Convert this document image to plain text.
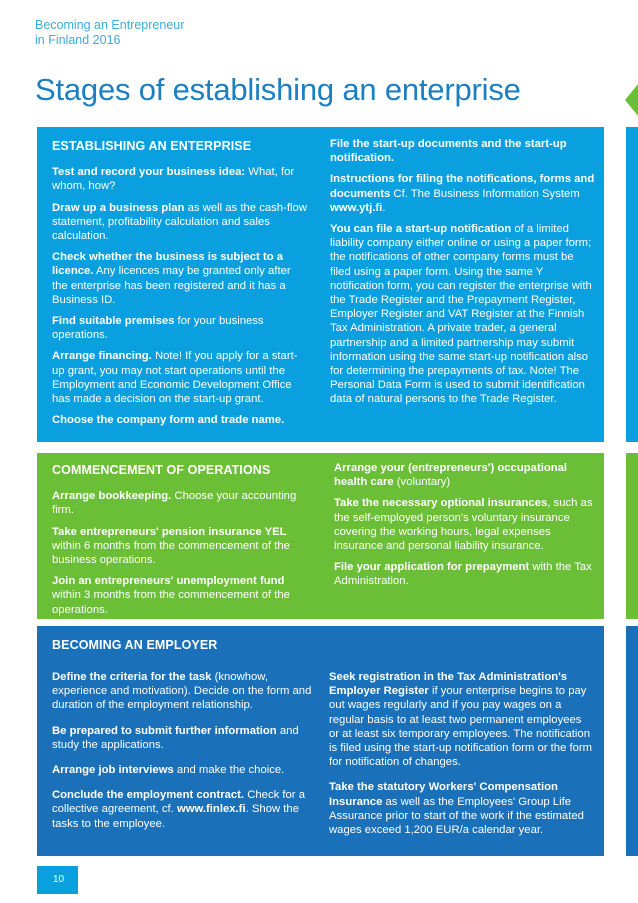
Becoming an Entrepreneur
in Finland 2016
Stages of establishing an enterprise
ESTABLISHING AN ENTERPRISE

Test and record your business idea: What, for whom, how?

Draw up a business plan as well as the cash-flow statement, profitability calculation and sales calculation.

Check whether the business is subject to a licence. Any licences may be granted only after the enterprise has been registered and it has a Business ID.

Find suitable premises for your business operations.

Arrange financing. Note! If you apply for a start-up grant, you may not start operations until the Employment and Economic Development Office has made a decision on the start-up grant.

Choose the company form and trade name.

File the start-up documents and the start-up notification.

Instructions for filing the notifications, forms and documents Cf. The Business Information System www.ytj.fi.

You can file a start-up notification of a limited liability company either online or using a paper form; the notifications of other company forms must be filed using a paper form. Using the same Y notification form, you can register the enterprise with the Trade Register and the Prepayment Register, Employer Register and VAT Register at the Finnish Tax Administration. A private trader, a general partnership and a limited partnership may submit information using the same start-up notification also for determining the prepayments of tax. Note! The Personal Data Form is used to submit identification data of natural persons to the Trade Register.

COMMENCEMENT OF OPERATIONS

Arrange bookkeeping. Choose your accounting firm.

Take entrepreneurs' pension insurance YEL within 6 months from the commencement of the business operations.

Join an entrepreneurs' unemployment fund within 3 months from the commencement of the operations.

Arrange your (entrepreneurs') occupational health care (voluntary)

Take the necessary optional insurances, such as the self-employed person's voluntary insurance covering the working hours, legal expenses insurance and personal liability insurance.

File your application for prepayment with the Tax Administration.

BECOMING AN EMPLOYER

Define the criteria for the task (knowhow, experience and motivation). Decide on the form and duration of the employment relationship.

Be prepared to submit further information and study the applications.

Arrange job interviews and make the choice.

Conclude the employment contract. Check for a collective agreement, cf. www.finlex.fi. Show the tasks to the employee.

Seek registration in the Tax Administration's Employer Register if your enterprise begins to pay out wages regularly and if you pay wages on a regular basis to at least two permanent employees or at least six temporary employees. The notification is filed using the start-up notification form or the form for notification of changes.

Take the statutory Workers' Compensation Insurance as well as the Employees' Group Life Assurance prior to start of the work if the estimated wages exceed 1,200 EUR/a calendar year.

10
